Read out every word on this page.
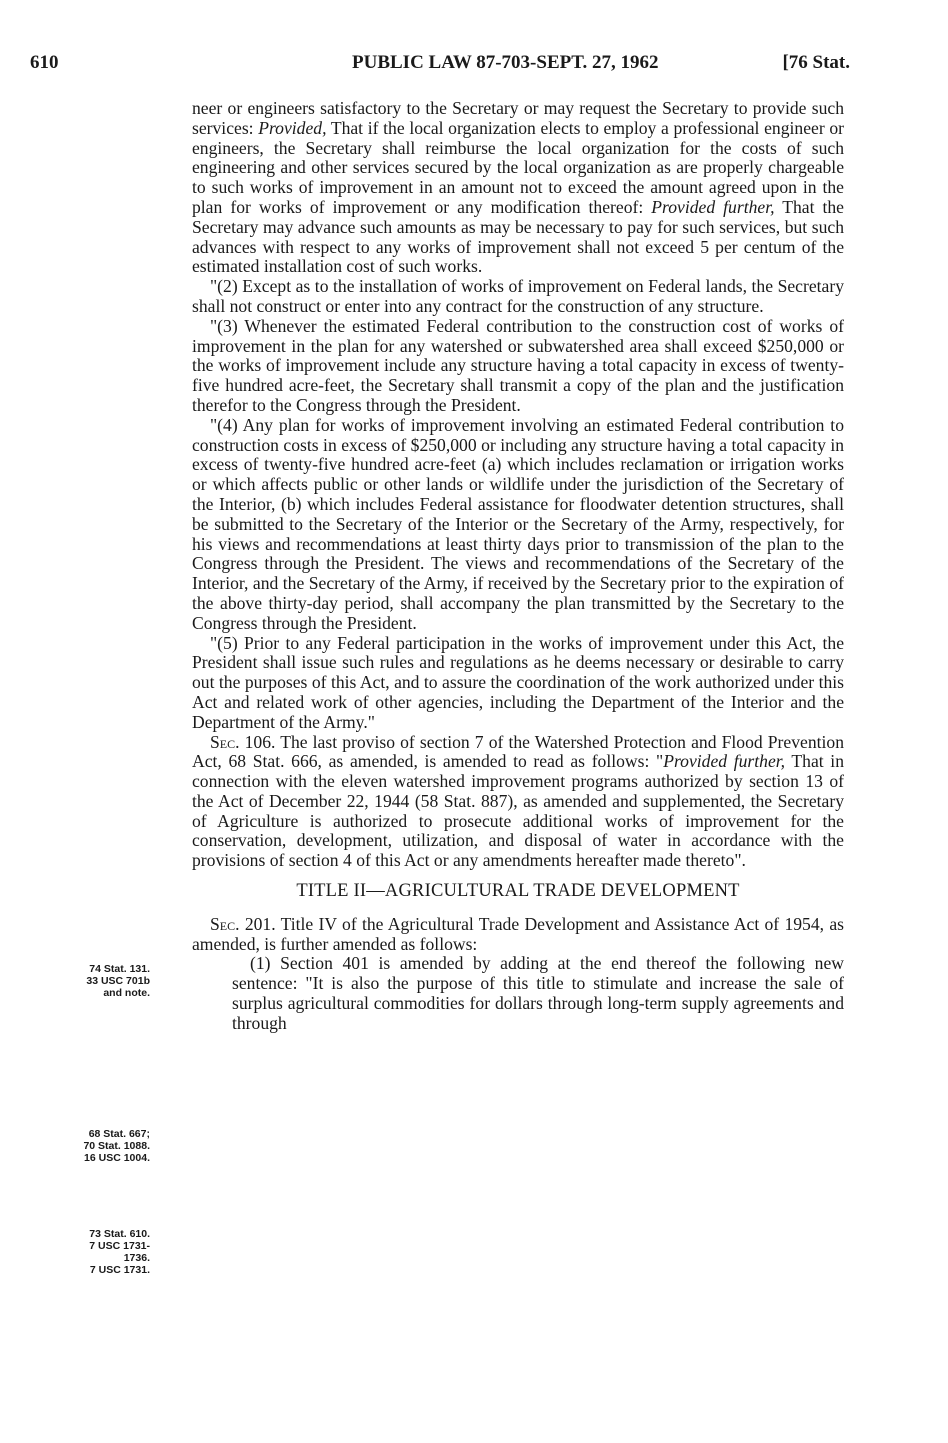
610	PUBLIC LAW 87-703-SEPT. 27, 1962	[76 Stat.
74 Stat. 131.
33 USC 701b
and note.
68 Stat. 667;
70 Stat. 1088.
16 USC 1004.
73 Stat. 610.
7 USC 1731-
1736.
7 USC 1731.

neer or engineers satisfactory to the Secretary or may request the Secretary to provide such services: Provided, That if the local organization elects to employ a professional engineer or engineers, the Secretary shall reimburse the local organization for the costs of such engineering and other services secured by the local organization as are properly chargeable to such works of improvement in an amount not to exceed the amount agreed upon in the plan for works of improvement or any modification thereof: Provided further, That the Secretary may advance such amounts as may be necessary to pay for such services, but such advances with respect to any works of improvement shall not exceed 5 per centum of the estimated installation cost of such works.

"(2) Except as to the installation of works of improvement on Federal lands, the Secretary shall not construct or enter into any contract for the construction of any structure.

"(3) Whenever the estimated Federal contribution to the construction cost of works of improvement in the plan for any watershed or subwatershed area shall exceed $250,000 or the works of improvement include any structure having a total capacity in excess of twenty-five hundred acre-feet, the Secretary shall transmit a copy of the plan and the justification therefor to the Congress through the President.

"(4) Any plan for works of improvement involving an estimated Federal contribution to construction costs in excess of $250,000 or including any structure having a total capacity in excess of twenty-five hundred acre-feet (a) which includes reclamation or irrigation works or which affects public or other lands or wildlife under the jurisdiction of the Secretary of the Interior, (b) which includes Federal assistance for floodwater detention structures, shall be submitted to the Secretary of the Interior or the Secretary of the Army, respectively, for his views and recommendations at least thirty days prior to transmission of the plan to the Congress through the President. The views and recommendations of the Secretary of the Interior, and the Secretary of the Army, if received by the Secretary prior to the expiration of the above thirty-day period, shall accompany the plan transmitted by the Secretary to the Congress through the President.

"(5) Prior to any Federal participation in the works of improvement under this Act, the President shall issue such rules and regulations as he deems necessary or desirable to carry out the purposes of this Act, and to assure the coordination of the work authorized under this Act and related work of other agencies, including the Department of the Interior and the Department of the Army."

Sec. 106. The last proviso of section 7 of the Watershed Protection and Flood Prevention Act, 68 Stat. 666, as amended, is amended to read as follows: "Provided further, That in connection with the eleven watershed improvement programs authorized by section 13 of the Act of December 22, 1944 (58 Stat. 887), as amended and supplemented, the Secretary of Agriculture is authorized to prosecute additional works of improvement for the conservation, development, utilization, and disposal of water in accordance with the provisions of section 4 of this Act or any amendments hereafter made thereto".

TITLE II—AGRICULTURAL TRADE DEVELOPMENT

Sec. 201. Title IV of the Agricultural Trade Development and Assistance Act of 1954, as amended, is further amended as follows:

(1) Section 401 is amended by adding at the end thereof the following new sentence: "It is also the purpose of this title to stimulate and increase the sale of surplus agricultural commodities for dollars through long-term supply agreements and through
